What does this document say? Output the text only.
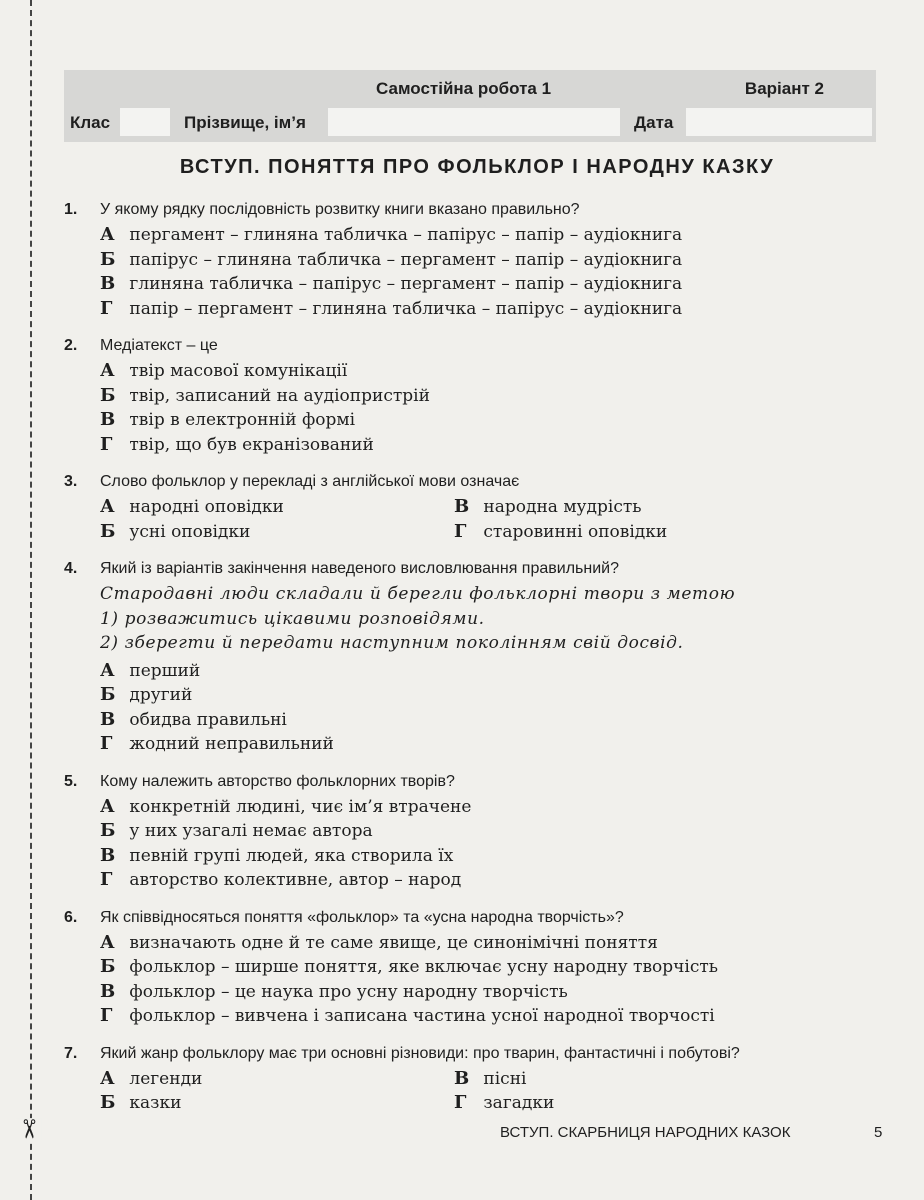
✂
Самостійна робота 1	Варіант 2
Клас	Прізвище, ім’я	Дата
ВСТУП. ПОНЯТТЯ ПРО ФОЛЬКЛОР І НАРОДНУ КАЗКУ
1.	У якому рядку послідовність розвитку книги вказано правильно?
А пергамент – глиняна табличка – папірус – папір – аудіокнига
Б папірус – глиняна табличка – пергамент – папір – аудіокнига
В глиняна табличка – папірус – пергамент – папір – аудіокнига
Г папір – пергамент – глиняна табличка – папірус – аудіокнига
2.	Медіатекст – це
А твір масової комунікації
Б твір, записаний на аудіопристрій
В твір в електронній формі
Г твір, що був екранізований
3.	Слово фольклор у перекладі з англійської мови означає
А народні оповідки	В народна мудрість
Б усні оповідки	Г старовинні оповідки
4.	Який із варіантів закінчення наведеного висловлювання правильний?
Стародавні люди складали й берегли фольклорні твори з метою
1) розважитись цікавими розповідями.
2) зберегти й передати наступним поколінням свій досвід.
А перший
Б другий
В обидва правильні
Г жодний неправильний
5.	Кому належить авторство фольклорних творів?
А конкретній людині, чиє ім’я втрачене
Б у них узагалі немає автора
В певній групі людей, яка створила їх
Г авторство колективне, автор – народ
6.	Як співвідносяться поняття «фольклор» та «усна народна творчість»?
А визначають одне й те саме явище, це синонімічні поняття
Б фольклор – ширше поняття, яке включає усну народну творчість
В фольклор – це наука про усну народну творчість
Г фольклор – вивчена і записана частина усної народної творчості
7.	Який жанр фольклору має три основні різновиди: про тварин, фантастичні і побутові?
А легенди	В пісні
Б казки	Г загадки
ВСТУП. СКАРБНИЦЯ НАРОДНИХ КАЗОК	5
